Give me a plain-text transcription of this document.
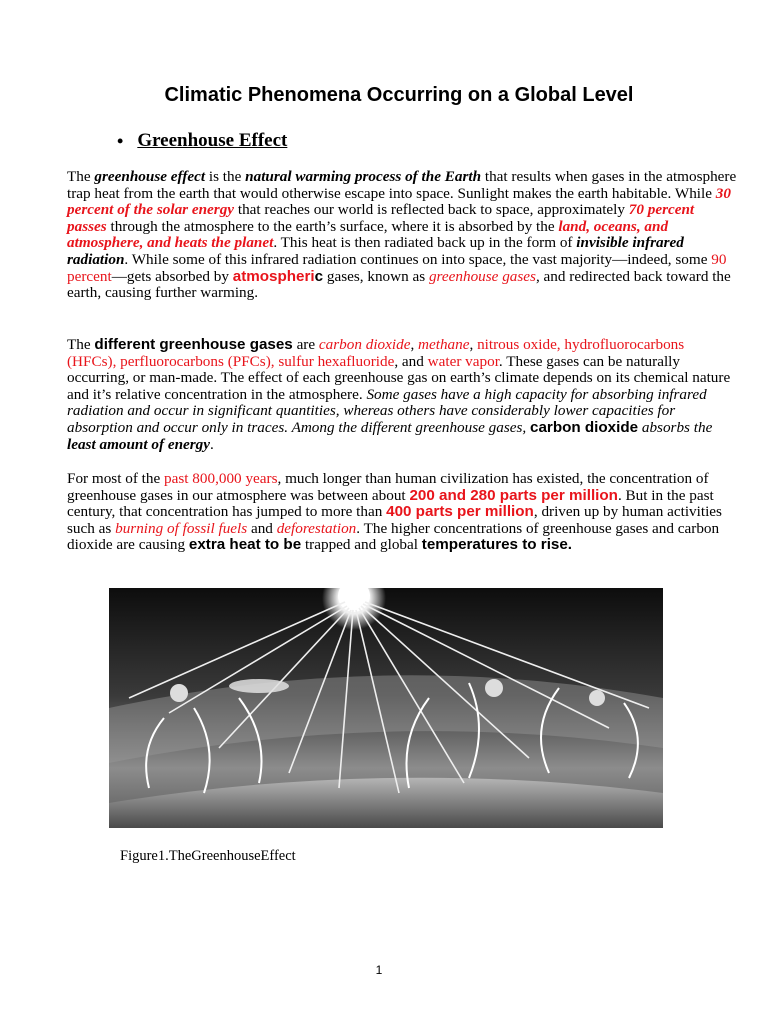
Climatic Phenomena Occurring on a Global Level
• Greenhouse Effect

The greenhouse effect is the natural warming process of the Earth that results when gases in the atmosphere trap heat from the earth that would otherwise escape into space. Sunlight makes the earth habitable. While 30 percent of the solar energy that reaches our world is reflected back to space, approximately 70 percent passes through the atmosphere to the earth’s surface, where it is absorbed by the land, oceans, and atmosphere, and heats the planet. This heat is then radiated back up in the form of invisible infrared radiation. While some of this infrared radiation continues on into space, the vast majority—indeed, some 90 percent—gets absorbed by atmospheric gases, known as greenhouse gases, and redirected back toward the earth, causing further warming.

The different greenhouse gases are carbon dioxide, methane, nitrous oxide, hydrofluorocarbons (HFCs), perfluorocarbons (PFCs), sulfur hexafluoride, and water vapor. These gases can be naturally occurring, or man-made. The effect of each greenhouse gas on earth’s climate depends on its chemical nature and it’s relative concentration in the atmosphere. Some gases have a high capacity for absorbing infrared radiation and occur in significant quantities, whereas others have considerably lower capacities for absorption and occur only in traces. Among the different greenhouse gases, carbon dioxide absorbs the least amount of energy.

For most of the past 800,000 years, much longer than human civilization has existed, the concentration of greenhouse gases in our atmosphere was between about 200 and 280 parts per million. But in the past century, that concentration has jumped to more than 400 parts per million, driven up by human activities such as burning of fossil fuels and deforestation. The higher concentrations of greenhouse gases and carbon dioxide are causing extra heat to be trapped and global temperatures to rise.

Figure1.TheGreenhouseEffect
1
